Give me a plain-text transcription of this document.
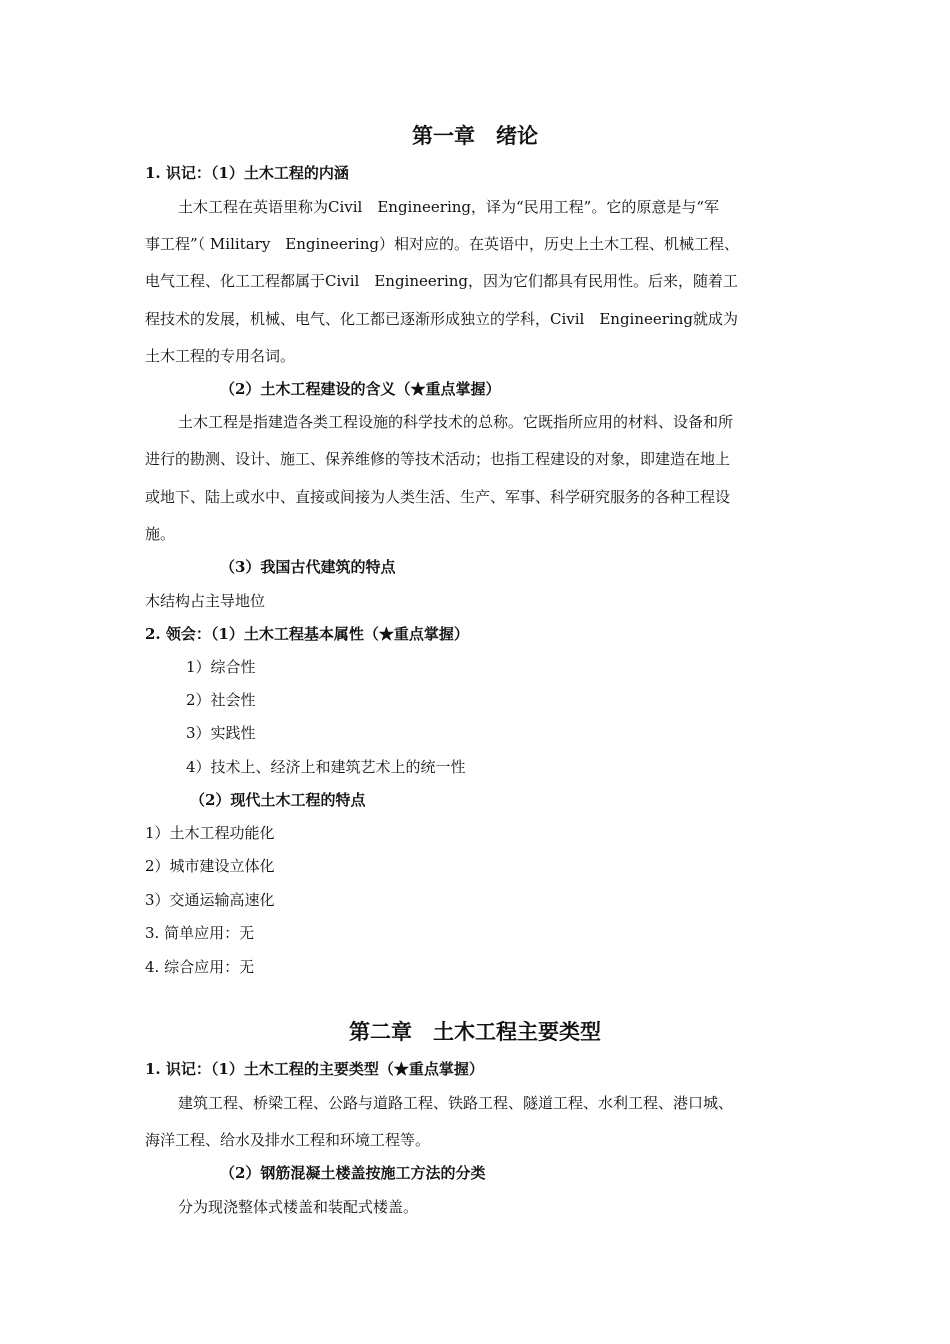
第一章　绪论
1. 识记：（1）土木工程的内涵
土木工程在英语里称为Civil　Engineering，译为“民用工程”。它的原意是与“军
事工程”（ Military　Engineering）相对应的。在英语中，历史上土木工程、机械工程、
电气工程、化工工程都属于Civil　Engineering，因为它们都具有民用性。后来，随着工
程技术的发展，机械、电气、化工都已逐渐形成独立的学科，Civil　Engineering就成为
土木工程的专用名词。
（2）土木工程建设的含义（★重点掌握）
土木工程是指建造各类工程设施的科学技术的总称。它既指所应用的材料、设备和所
进行的勘测、设计、施工、保养维修的等技术活动；也指工程建设的对象，即建造在地上
或地下、陆上或水中、直接或间接为人类生活、生产、军事、科学研究服务的各种工程设
施。
（3）我国古代建筑的特点
木结构占主导地位
2. 领会：（1）土木工程基本属性（★重点掌握）
1）综合性
2）社会性
3）实践性
4）技术上、经济上和建筑艺术上的统一性
（2）现代土木工程的特点
1）土木工程功能化
2）城市建设立体化
3）交通运输高速化
3. 简单应用：无
4. 综合应用：无
第二章　土木工程主要类型
1. 识记：（1）土木工程的主要类型（★重点掌握）
建筑工程、桥梁工程、公路与道路工程、铁路工程、隧道工程、水利工程、港口城、
海洋工程、给水及排水工程和环境工程等。
（2）钢筋混凝土楼盖按施工方法的分类
分为现浇整体式楼盖和装配式楼盖。
